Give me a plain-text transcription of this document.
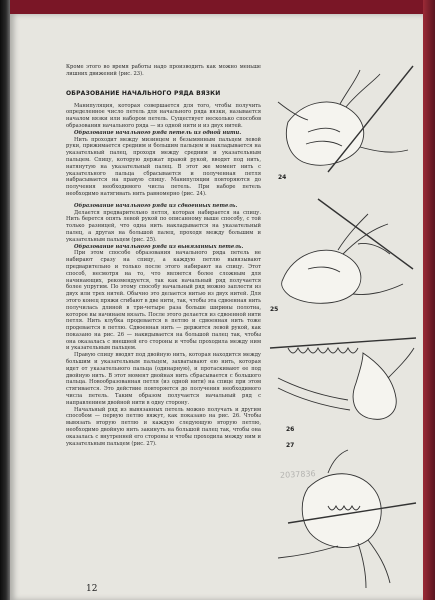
Кроме этого во время работы надо производить как можно меньше лишних движений (рис. 23).

ОБРАЗОВАНИЕ НАЧАЛЬНОГО РЯДА ВЯЗКИ

Манипуляция, которая совершается для того, чтобы получить определенное число петель для начального ряда вязки, называется началом вязки или набором петель. Существует несколько способов образования начального ряда — из одной нити и из двух нитей.

Образование начального ряда петель из одной нити.

Нить проходит между мизинцем и безымянным пальцем левой руки, прижимается средним и большим пальцем и накладывается на указательный палец, проходя между средним и указательным пальцем. Спицу, которую держат правой рукой, вводят под нить, натянутую на указательный палец. В этот же момент нить с указательного пальца сбрасывается и полученная петля набрасывается на правую спицу. Манипуляции повторяются до получения необходимого числа петель. При наборе петель необходимо натягивать нить равномерно (рис. 24).

Образование начального ряда из сдвоенных петель.

Делается предварительно петля, которая набирается на спицу. Нить берется опять левой рукой по описанному выше способу, с той только разницей, что одна нить накладывается на указательный палец, а другая на большой палец, проходя между большим и указательным пальцем (рис. 25).

Образование начального ряда из вывязанных петель.

При этом способе образования начального ряда петель не набирают сразу на спицу, а каждую петлю вывязывают предварительно и только после этого набирают на спицу. Этот способ, несмотря на то, что является более сложным для начинающих, рекомендуется, так как начальный ряд получается более упругим. По этому способу начальный ряд можно заплести из двух или трех нитей. Обычно это делается нитью из двух нитей. Для этого конец пряжи сгибают в две нити, так, чтобы эта сдвоенная нить получилась длиной в три-четыре раза больше ширины полотна, которое вы начинаем вязать. После этого делается из сдвоенной нити петля. Нить клубка продевается в петлю и сдвоенная нить тоже продевается в петлю. Сдвоенная нить — держится левой рукой, как показано на рис. 26 — накидывается на большой палец так, чтобы она оказалась с внешней его стороны и чтобы проходила между ним и указательным пальцем.

Правую спицу вводят под двойную нить, которая находится между большим и указательным пальцем, захватывают ею нить, которая идет от указательного пальца (одинарную), и протаскивают ее под двойную нить. В этот момент двойная нить сбрасывается с большого пальца. Новообразованная петля (из одной нити) на спице при этом стягивается. Это действие повторяется до получения необходимого числа петель. Таким образом получается начальный ряд с направлением двойной нити в одну сторону.

Начальный ряд из вывязанных петель можно получать и другим способом — первую петлю вяжут, как показано на рис. 26. Чтобы вывязать вторую петлю и каждую следующую вторую петлю, необходимо двойную нить закинуть на большой палец так, чтобы она оказалась с внутренней его стороны и чтобы проходила между ним и указательным пальцем (рис. 27).

24
25
26
27
2037836
12
